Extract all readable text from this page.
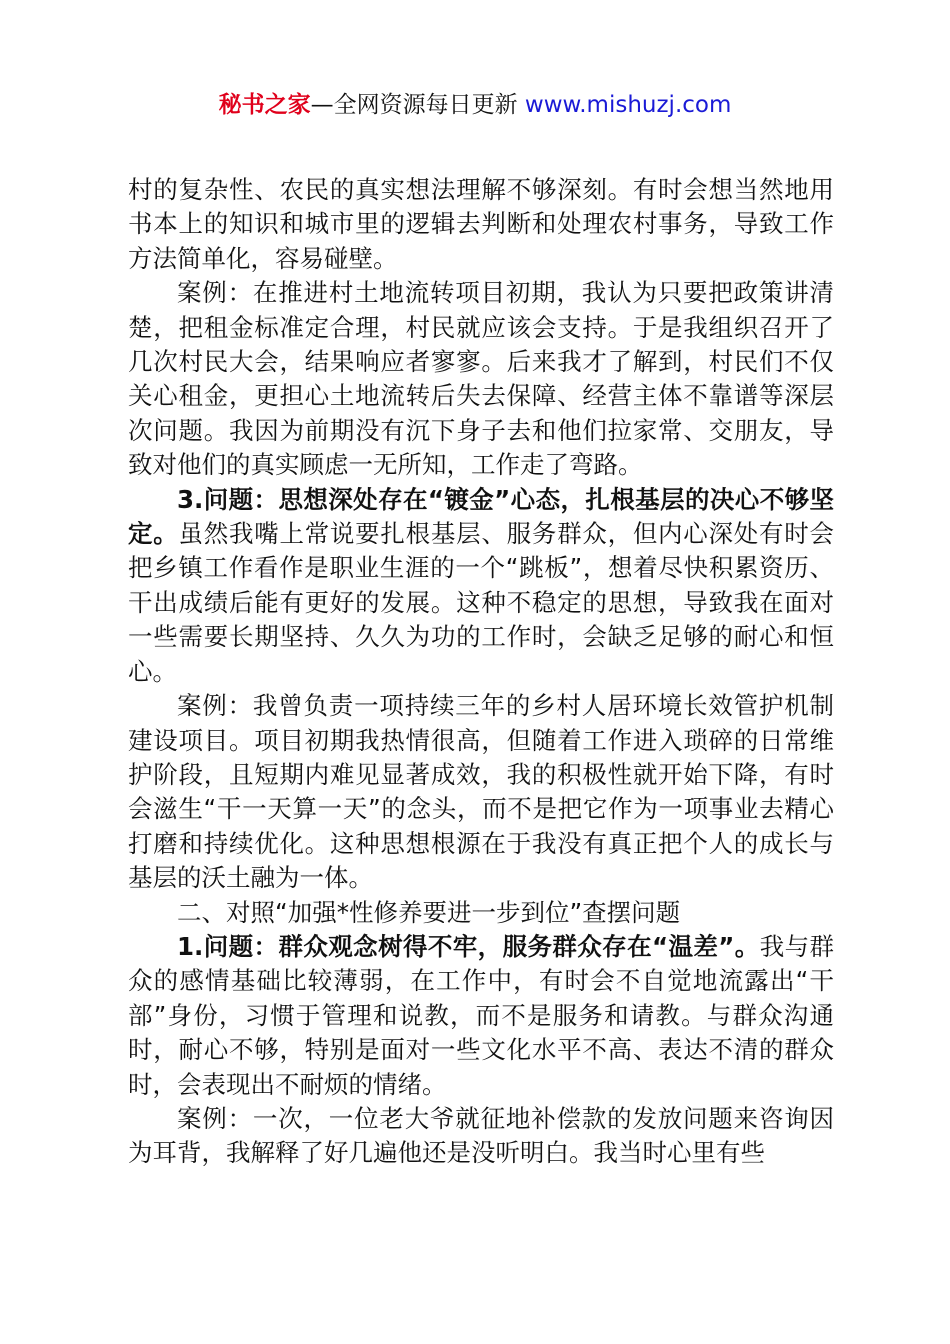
秘书之家—全网资源每日更新 www.mishuzj.com

村的复杂性、农民的真实想法理解不够深刻。有时会想当然地用书本上的知识和城市里的逻辑去判断和处理农村事务，导致工作方法简单化，容易碰壁。

案例：在推进村土地流转项目初期，我认为只要把政策讲清楚，把租金标准定合理，村民就应该会支持。于是我组织召开了几次村民大会，结果响应者寥寥。后来我才了解到，村民们不仅关心租金，更担心土地流转后失去保障、经营主体不靠谱等深层次问题。我因为前期没有沉下身子去和他们拉家常、交朋友，导致对他们的真实顾虑一无所知，工作走了弯路。

3.问题：思想深处存在“镀金”心态，扎根基层的决心不够坚定。虽然我嘴上常说要扎根基层、服务群众，但内心深处有时会把乡镇工作看作是职业生涯的一个“跳板”，想着尽快积累资历、干出成绩后能有更好的发展。这种不稳定的思想，导致我在面对一些需要长期坚持、久久为功的工作时，会缺乏足够的耐心和恒心。

案例：我曾负责一项持续三年的乡村人居环境长效管护机制建设项目。项目初期我热情很高，但随着工作进入琐碎的日常维护阶段，且短期内难见显著成效，我的积极性就开始下降，有时会滋生“干一天算一天”的念头，而不是把它作为一项事业去精心打磨和持续优化。这种思想根源在于我没有真正把个人的成长与基层的沃土融为一体。

二、对照“加强*性修养要进一步到位”查摆问题

1.问题：群众观念树得不牢，服务群众存在“温差”。我与群众的感情基础比较薄弱，在工作中，有时会不自觉地流露出“干部”身份，习惯于管理和说教，而不是服务和请教。与群众沟通时，耐心不够，特别是面对一些文化水平不高、表达不清的群众时，会表现出不耐烦的情绪。

案例：一次，一位老大爷就征地补偿款的发放问题来咨询因为耳背，我解释了好几遍他还是没听明白。我当时心里有些
